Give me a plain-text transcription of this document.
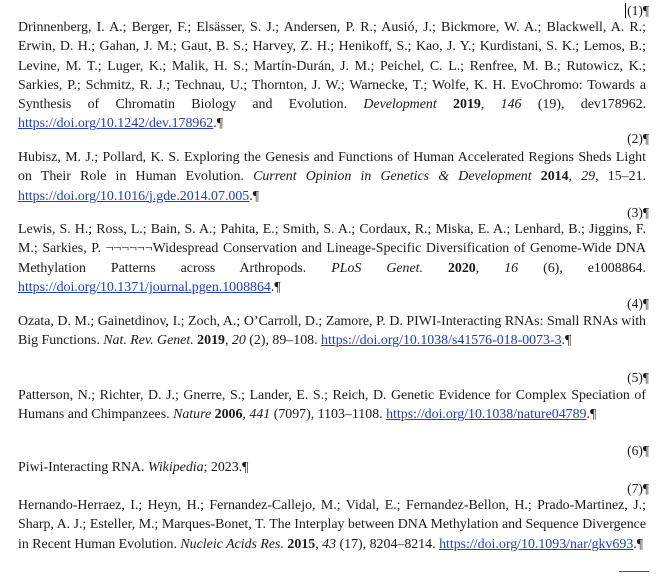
(1)¶
Drinnenberg, I. A.; Berger, F.; Elsässer, S. J.; Andersen, P. R.; Ausió, J.; Bickmore, W. A.; Blackwell, A. R.; Erwin, D. H.; Gahan, J. M.; Gaut, B. S.; Harvey, Z. H.; Henikoff, S.; Kao, J. Y.; Kurdistani, S. K.; Lemos, B.; Levine, M. T.; Luger, K.; Malik, H. S.; Martín-Durán, J. M.; Peichel, C. L.; Renfree, M. B.; Rutowicz, K.; Sarkies, P.; Schmitz, R. J.; Technau, U.; Thornton, J. W.; Warnecke, T.; Wolfe, K. H. EvoChromo: Towards a Synthesis of Chromatin Biology and Evolution. Development 2019, 146 (19), dev178962. https://doi.org/10.1242/dev.178962.¶
(2)¶
Hubisz, M. J.; Pollard, K. S. Exploring the Genesis and Functions of Human Accelerated Regions Sheds Light on Their Role in Human Evolution. Current Opinion in Genetics & Development 2014, 29, 15–21. https://doi.org/10.1016/j.gde.2014.07.005.¶
(3)¶
Lewis, S. H.; Ross, L.; Bain, S. A.; Pahita, E.; Smith, S. A.; Cordaux, R.; Miska, E. A.; Lenhard, B.; Jiggins, F. M.; Sarkies, P. ¬¬¬¬¬¬Widespread Conservation and Lineage-Specific Diversification of Genome-Wide DNA Methylation Patterns across Arthropods. PLoS Genet. 2020, 16 (6), e1008864. https://doi.org/10.1371/journal.pgen.1008864.¶
(4)¶
Ozata, D. M.; Gainetdinov, I.; Zoch, A.; O’Carroll, D.; Zamore, P. D. PIWI-Interacting RNAs: Small RNAs with Big Functions. Nat. Rev. Genet. 2019, 20 (2), 89–108. https://doi.org/10.1038/s41576-018-0073-3.¶
(5)¶
Patterson, N.; Richter, D. J.; Gnerre, S.; Lander, E. S.; Reich, D. Genetic Evidence for Complex Speciation of Humans and Chimpanzees. Nature 2006, 441 (7097), 1103–1108. https://doi.org/10.1038/nature04789.¶
(6)¶
Piwi-Interacting RNA. Wikipedia; 2023.¶
(7)¶
Hernando-Herraez, I.; Heyn, H.; Fernandez-Callejo, M.; Vidal, E.; Fernandez-Bellon, H.; Prado-Martinez, J.; Sharp, A. J.; Esteller, M.; Marques-Bonet, T. The Interplay between DNA Methylation and Sequence Divergence in Recent Human Evolution. Nucleic Acids Res. 2015, 43 (17), 8204–8214. https://doi.org/10.1093/nar/gkv693.¶
